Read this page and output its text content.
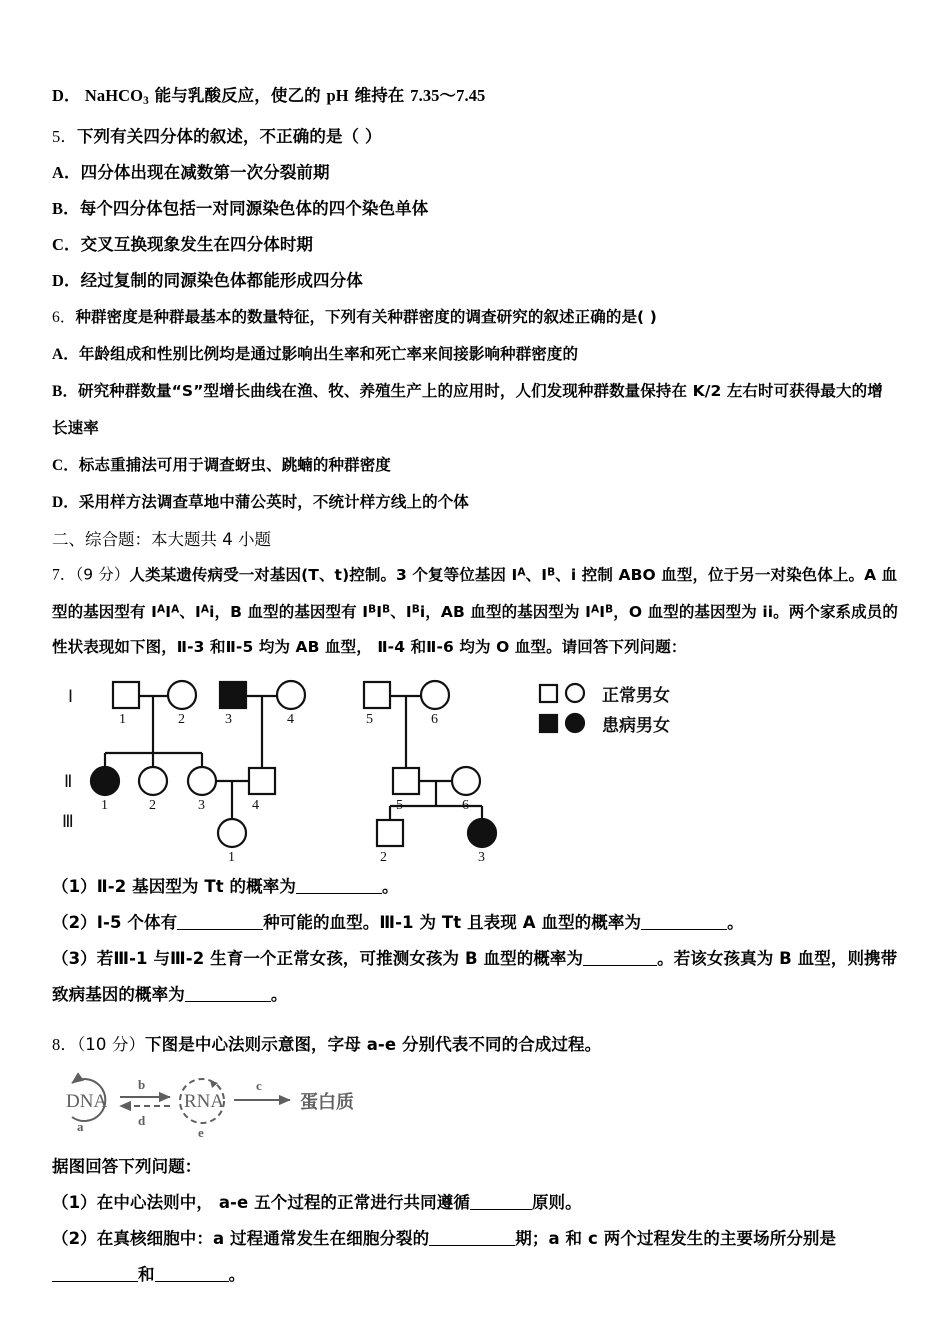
D． NaHCO$_3$ 能与乳酸反应，使乙的 pH 维持在 7.35～7.45
5．下列有关四分体的叙述，不正确的是（ ）
A．四分体出现在减数第一次分裂前期
B．每个四分体包括一对同源染色体的四个染色单体
C．交叉互换现象发生在四分体时期
D．经过复制的同源染色体都能形成四分体
6．种群密度是种群最基本的数量特征，下列有关种群密度的调查研究的叙述正确的是( )
A．年龄组成和性别比例均是通过影响出生率和死亡率来间接影响种群密度的
B．研究种群数量“S”型增长曲线在渔、牧、养殖生产上的应用时，人们发现种群数量保持在 K/2 左右时可获得最大的增长速率
C．标志重捕法可用于调查蚜虫、跳蝻的种群密度
D．采用样方法调查草地中蒲公英时，不统计样方线上的个体
二、综合题：本大题共 4 小题
7．（9 分）人类某遗传病受一对基因(T、t)控制。3 个复等位基因 $I^A$、$I^B$、i 控制 ABO 血型，位于另一对染色体上。A 血型的基因型有 $I^AI^A$、$I^Ai$，B 血型的基因型有 $I^BI^B$、$I^Bi$，AB 血型的基因型为 $I^AI^B$，O 血型的基因型为 ii。两个家系成员的性状表现如下图，Ⅱ-3 和Ⅱ-5 均为 AB 血型， Ⅱ-4 和Ⅱ-6 均为 O 血型。请回答下列问题：
Ⅰ
Ⅱ
Ⅲ
1	2	3	4	5	6
1	2	3	4	5	6
1	2	3
正常男女
患病男女
（1）Ⅱ-2 基因型为 Tt 的概率为	。
（2）Ⅰ-5 个体有	种可能的血型。Ⅲ-1 为 Tt 且表现 A 血型的概率为	。
（3）若Ⅲ-1 与Ⅲ-2 生育一个正常女孩，可推测女孩为 B 血型的概率为	。若该女孩真为 B 血型，则携带致病基因的概率为	。
8．（10 分）下图是中心法则示意图，字母 a-e 分别代表不同的合成过程。
DNA
a
b
d
RNA
e
c
蛋白质
据图回答下列问题：
（1）在中心法则中， a-e 五个过程的正常进行共同遵循	原则。
（2）在真核细胞中：a 过程通常发生在细胞分裂的	期；a 和 c 两个过程发生的主要场所分别是和	。
